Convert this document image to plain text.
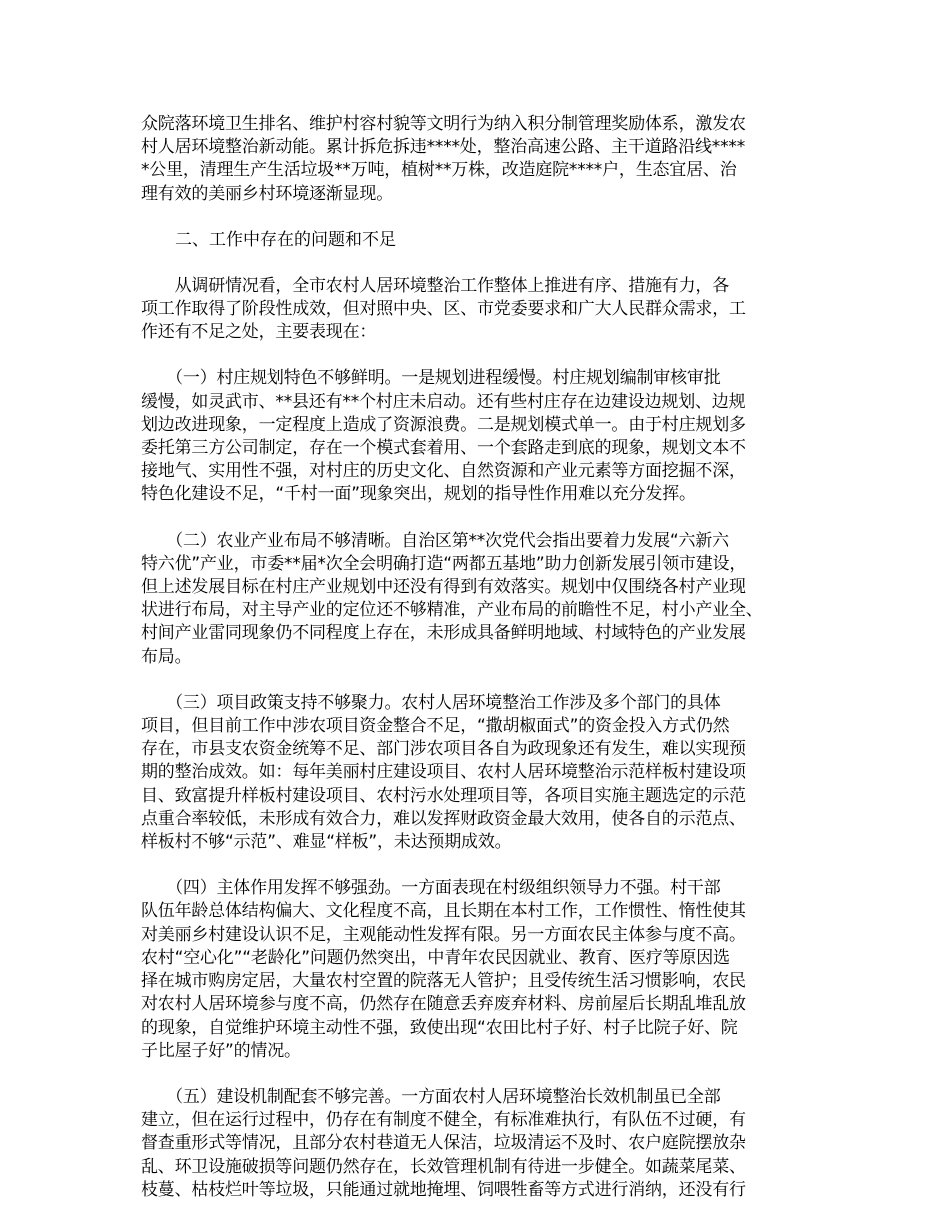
众院落环境卫生排名、维护村容村貌等文明行为纳入积分制管理奖励体系，激发农
村人居环境整治新动能。累计拆危拆违****处，整治高速公路、主干道路沿线****
*公里，清理生产生活垃圾**万吨，植树**万株，改造庭院****户，生态宜居、治
理有效的美丽乡村环境逐渐显现。

　　二、工作中存在的问题和不足

　　从调研情况看，全市农村人居环境整治工作整体上推进有序、措施有力，各
项工作取得了阶段性成效，但对照中央、区、市党委要求和广大人民群众需求，工
作还有不足之处，主要表现在：

　　（一）村庄规划特色不够鲜明。一是规划进程缓慢。村庄规划编制审核审批
缓慢，如灵武市、**县还有**个村庄未启动。还有些村庄存在边建设边规划、边规
划边改进现象，一定程度上造成了资源浪费。二是规划模式单一。由于村庄规划多
委托第三方公司制定，存在一个模式套着用、一个套路走到底的现象，规划文本不
接地气、实用性不强，对村庄的历史文化、自然资源和产业元素等方面挖掘不深，
特色化建设不足，“千村一面”现象突出，规划的指导性作用难以充分发挥。

　　（二）农业产业布局不够清晰。自治区第**次党代会指出要着力发展“六新六
特六优”产业，市委**届*次全会明确打造“两都五基地”助力创新发展引领市建设，
但上述发展目标在村庄产业规划中还没有得到有效落实。规划中仅围绕各村产业现
状进行布局，对主导产业的定位还不够精准，产业布局的前瞻性不足，村小产业全、
村间产业雷同现象仍不同程度上存在，未形成具备鲜明地域、村域特色的产业发展
布局。

　　（三）项目政策支持不够聚力。农村人居环境整治工作涉及多个部门的具体
项目，但目前工作中涉农项目资金整合不足，“撒胡椒面式”的资金投入方式仍然
存在，市县支农资金统筹不足、部门涉农项目各自为政现象还有发生，难以实现预
期的整治成效。如：每年美丽村庄建设项目、农村人居环境整治示范样板村建设项
目、致富提升样板村建设项目、农村污水处理项目等，各项目实施主题选定的示范
点重合率较低，未形成有效合力，难以发挥财政资金最大效用，使各自的示范点、
样板村不够“示范”、难显“样板”，未达预期成效。

　　（四）主体作用发挥不够强劲。一方面表现在村级组织领导力不强。村干部
队伍年龄总体结构偏大、文化程度不高，且长期在本村工作，工作惯性、惰性使其
对美丽乡村建设认识不足，主观能动性发挥有限。另一方面农民主体参与度不高。
农村“空心化”“老龄化”问题仍然突出，中青年农民因就业、教育、医疗等原因选
择在城市购房定居，大量农村空置的院落无人管护；且受传统生活习惯影响，农民
对农村人居环境参与度不高，仍然存在随意丢弃废弃材料、房前屋后长期乱堆乱放
的现象，自觉维护环境主动性不强，致使出现“农田比村子好、村子比院子好、院
子比屋子好”的情况。

　　（五）建设机制配套不够完善。一方面农村人居环境整治长效机制虽已全部
建立，但在运行过程中，仍存在有制度不健全，有标准难执行，有队伍不过硬，有
督查重形式等情况，且部分农村巷道无人保洁，垃圾清运不及时、农户庭院摆放杂
乱、环卫设施破损等问题仍然存在，长效管理机制有待进一步健全。如蔬菜尾菜、
枝蔓、枯枝烂叶等垃圾，只能通过就地掩埋、饲喂牲畜等方式进行消纳，还没有行
